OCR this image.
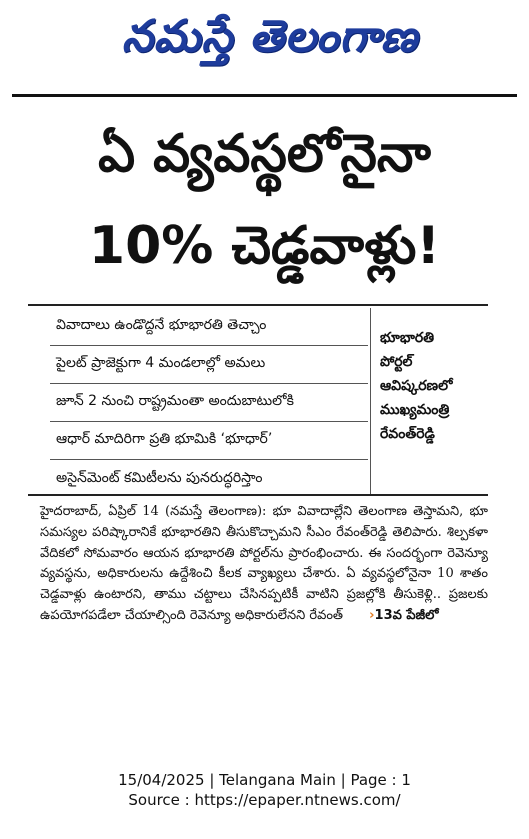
నమస్తే తెలంగాణ
ఏ వ్యవస్థలోనైనా
10% చెడ్డవాళ్లు!
వివాదాలు ఉండొద్దనే భూభారతి తెచ్చాం
పైలట్ ప్రాజెక్టుగా 4 మండలాల్లో అమలు
జూన్ 2 నుంచి రాష్ట్రమంతా అందుబాటులోకి
ఆధార్ మాదిరిగా ప్రతి భూమికి ‘భూధార్’
అసైన్‌మెంట్ కమిటీలను పునరుద్ధరిస్తాం
భూభారతి
పోర్టల్
ఆవిష్కరణలో
ముఖ్యమంత్రి
రేవంత్‌రెడ్డి
హైదరాబాద్, ఏప్రిల్ 14 (నమస్తే తెలంగాణ): భూ వివాదాల్లేని తెలంగాణ తెస్తామని, భూ సమస్యల పరిష్కారానికే భూభారతిని తీసుకొచ్చామని సీఎం రేవంత్‌రెడ్డి తెలిపారు. శిల్పకళా వేదికలో సోమవారం ఆయన భూభారతి పోర్టల్‌ను ప్రారంభించారు. ఈ సందర్భంగా రెవెన్యూ వ్యవస్థను, అధికారులను ఉద్దేశించి కీలక వ్యాఖ్యలు చేశారు. ఏ వ్యవస్థలోనైనా 10 శాతం చెడ్డవాళ్లు ఉంటారని, తాము చట్టాలు చేసినప్పటికీ వాటిని ప్రజల్లోకి తీసుకెళ్లి.. ప్రజలకు ఉపయోగపడేలా చేయాల్సింది రెవెన్యూ అధికారులేనని రేవంత్ ›13వ పేజీలో
15/04/2025 | Telangana Main | Page : 1
Source : https://epaper.ntnews.com/
